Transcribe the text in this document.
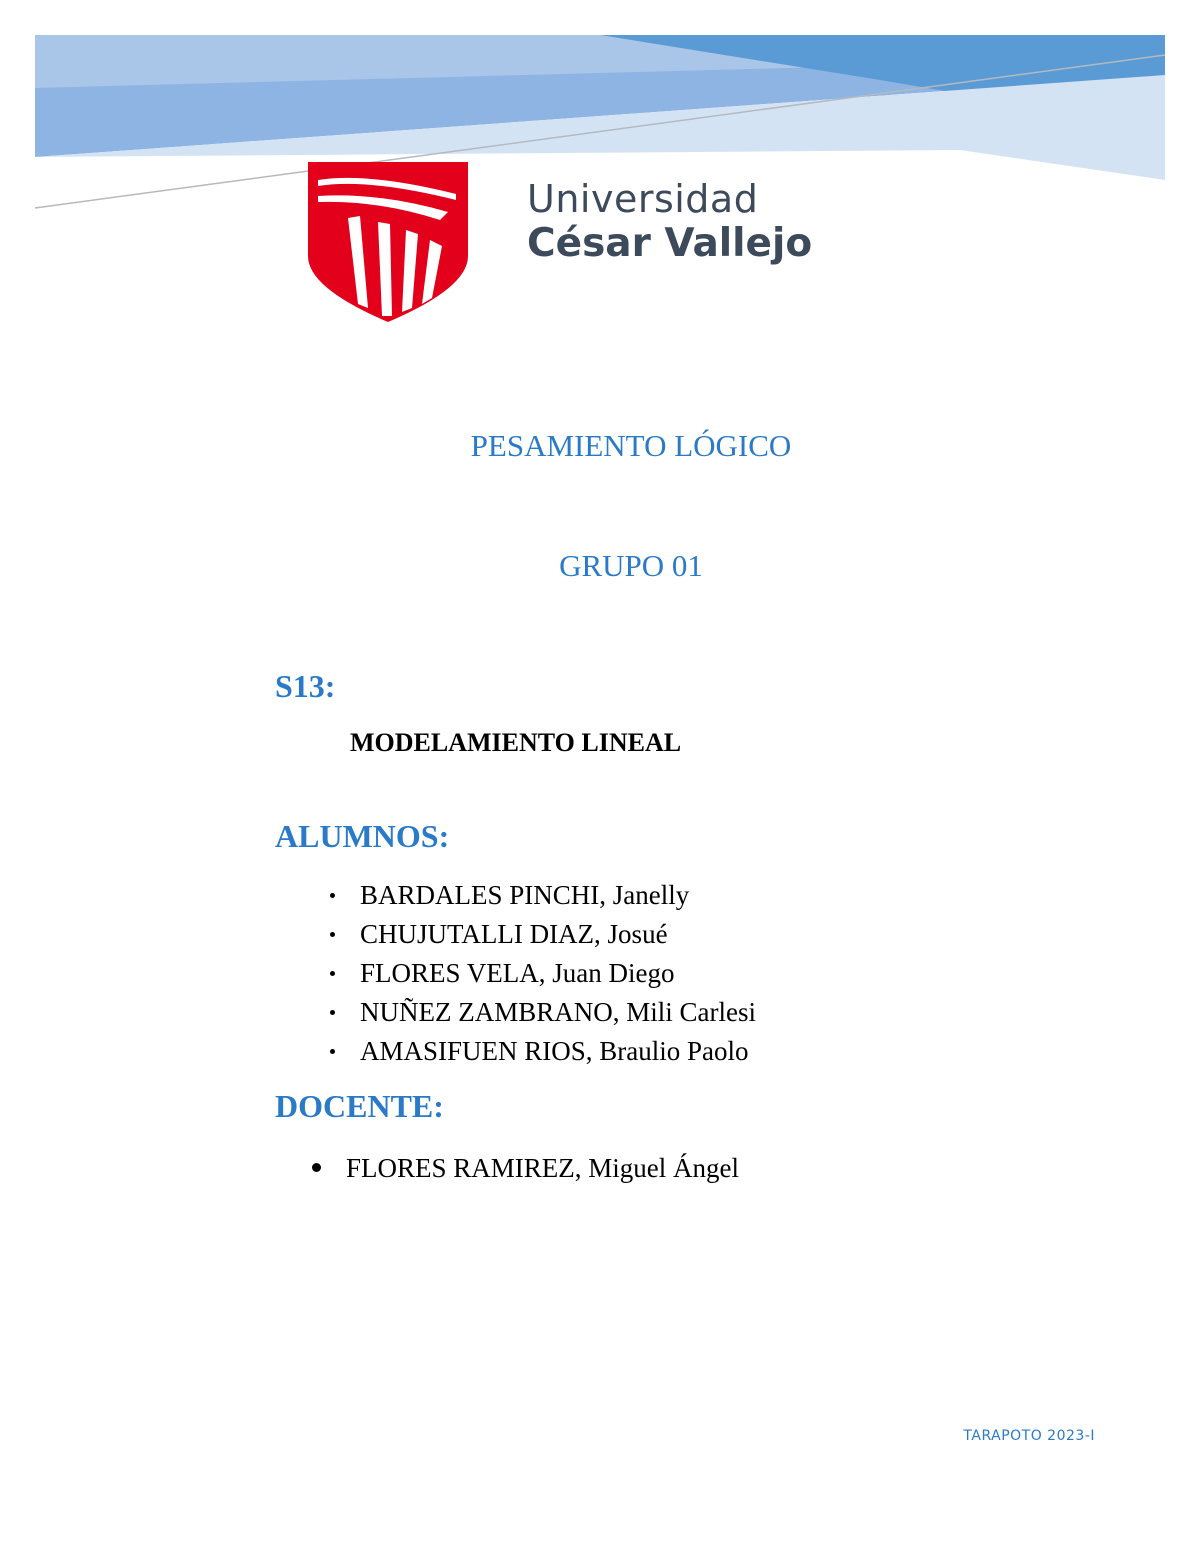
Universidad
César Vallejo
PESAMIENTO LÓGICO
GRUPO 01
S13:
MODELAMIENTO LINEAL
ALUMNOS:
BARDALES PINCHI, Janelly
CHUJUTALLI DIAZ, Josué
FLORES VELA, Juan Diego
NUÑEZ ZAMBRANO, Mili Carlesi
AMASIFUEN RIOS, Braulio Paolo
DOCENTE:
FLORES RAMIREZ, Miguel Ángel
TARAPOTO 2023-I
